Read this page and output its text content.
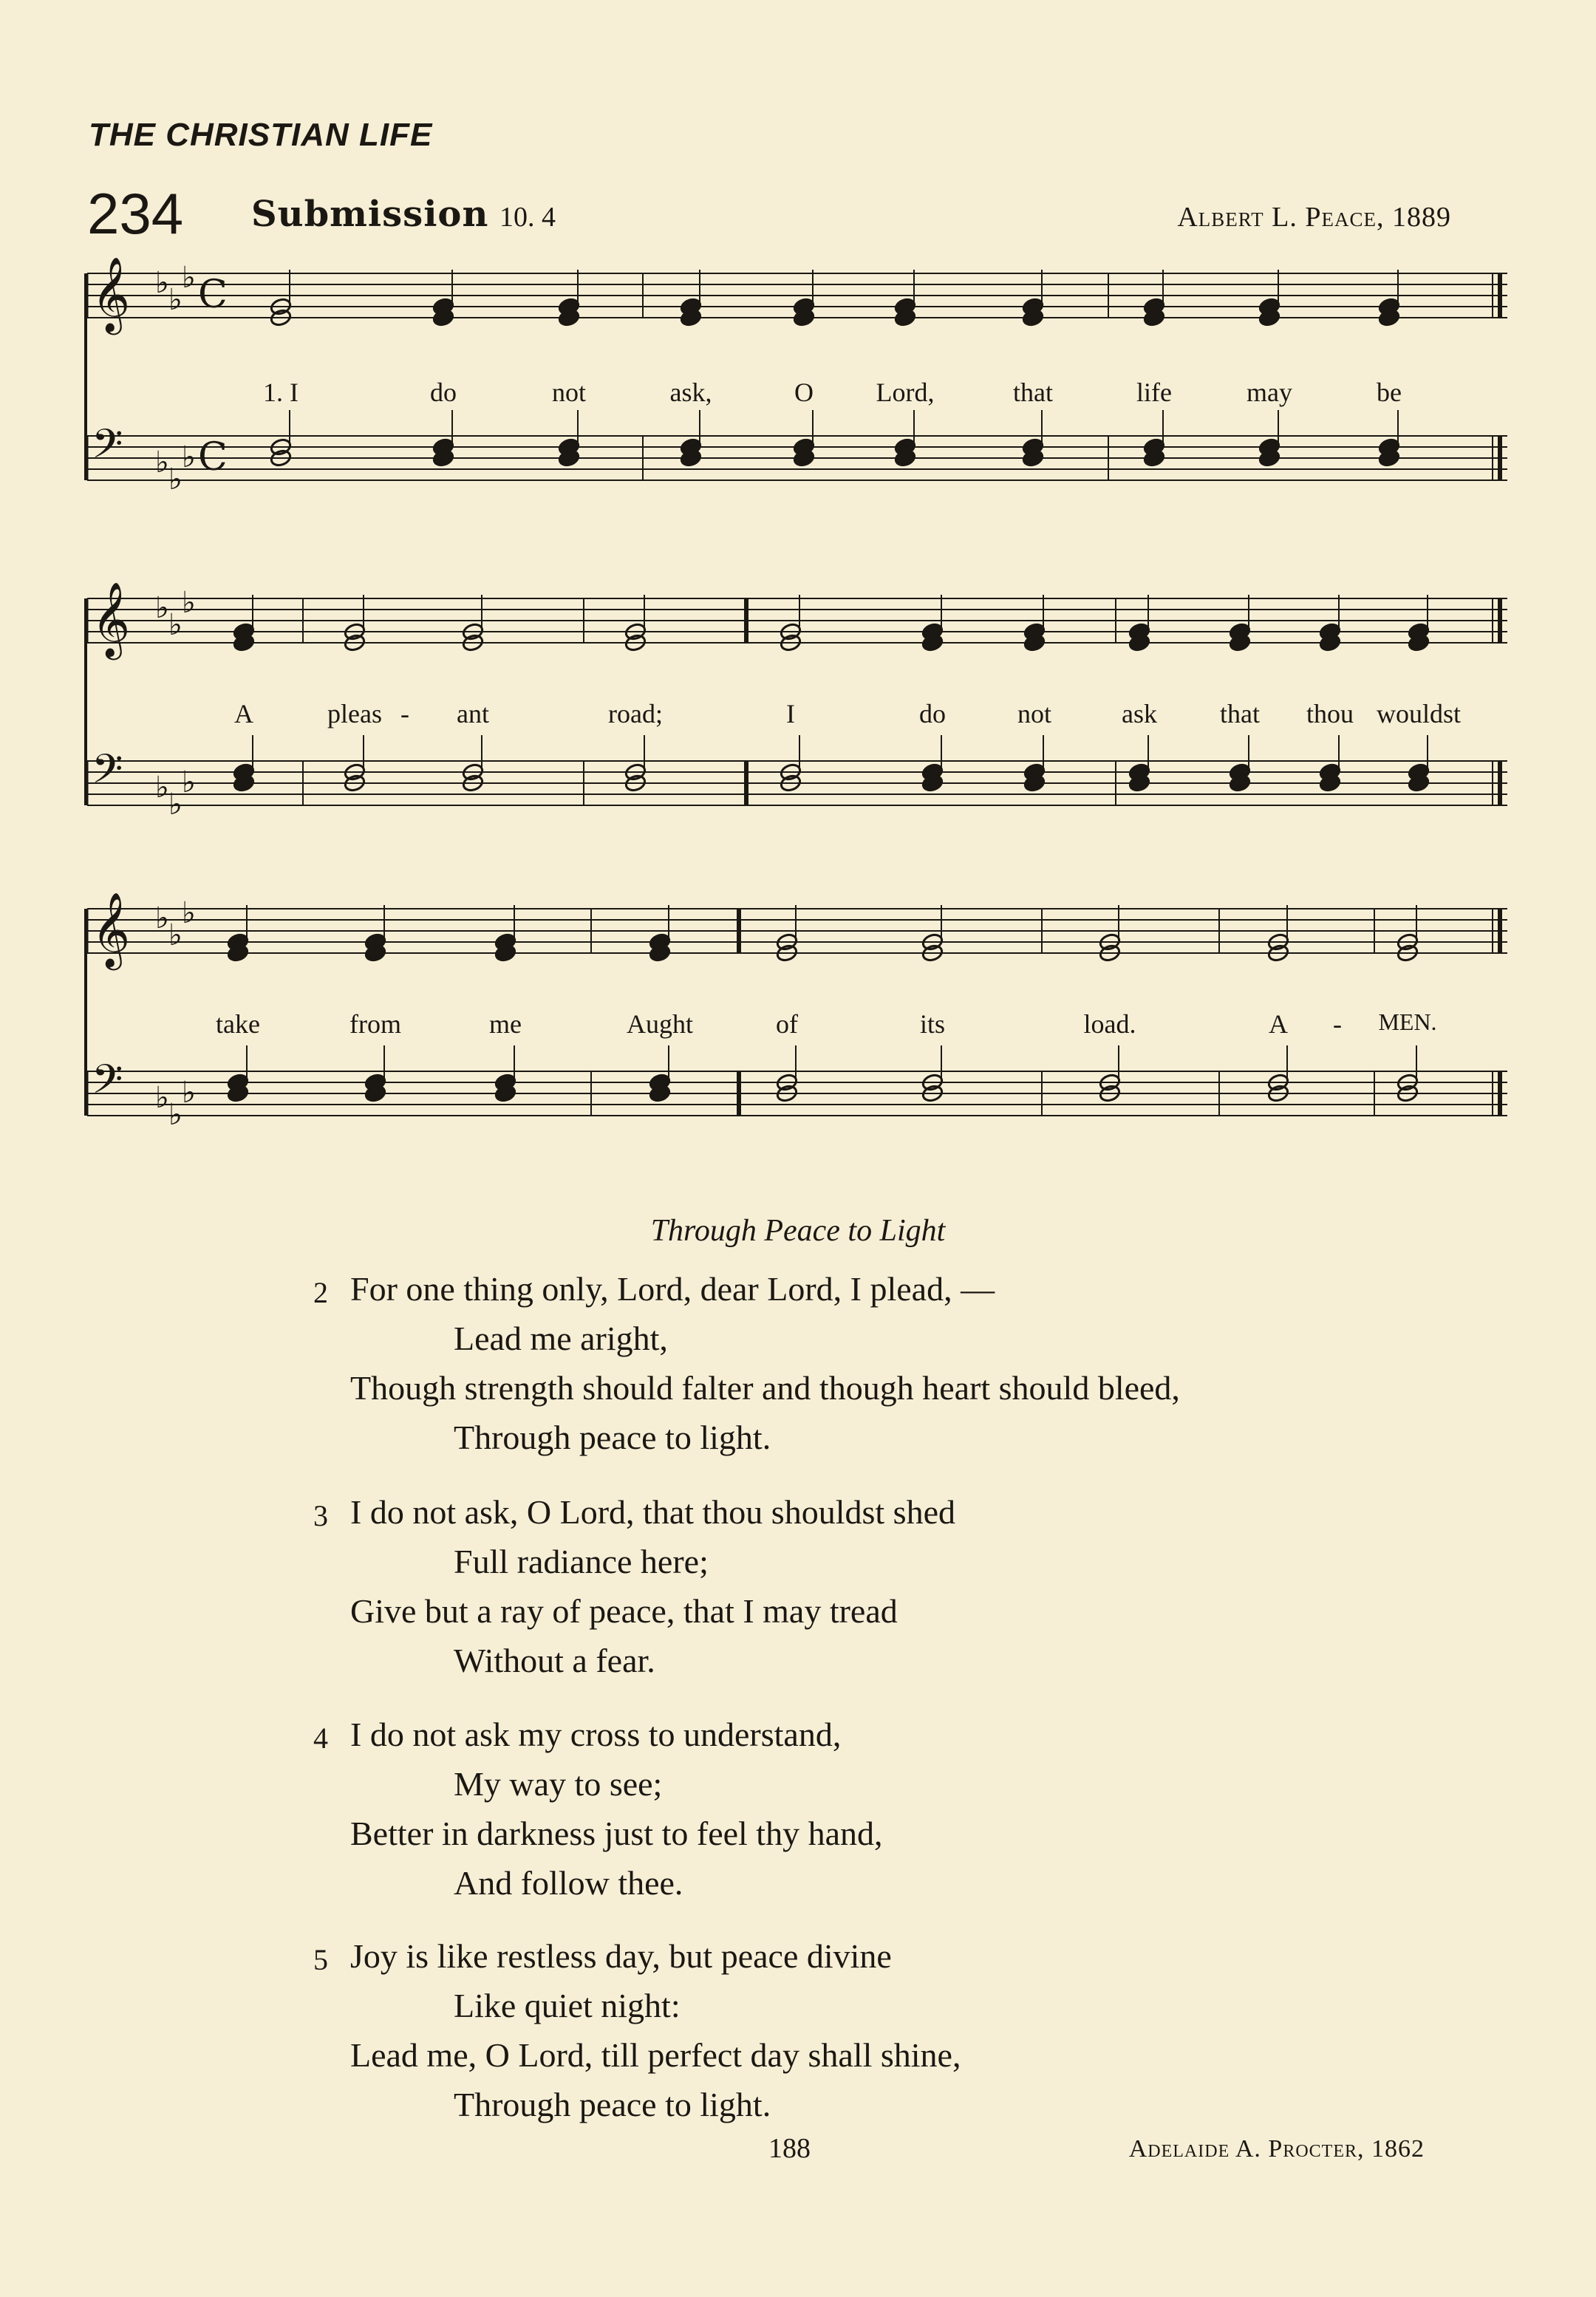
THE CHRISTIAN LIFE
234 Submission 10. 4	Albert L. Peace, 1889
𝄞 ♭ ♭
♭ C
𝄢 ♭ ♭
♭ C
𝄞 ♭ ♭
♭
𝄢 ♭ ♭
♭
𝄞 ♭ ♭
♭
𝄢 ♭ ♭
♭
1. I	do	not	ask,	O Lord,	that	life	may	be
A	pleas - ant	road;	I	do	not	ask that thou wouldst
take	from	me	Aught	of	its	load.	A - MEN.
Through Peace to Light
2 For one thing only, Lord, dear Lord, I plead, —
Lead me aright,
Though strength should falter and though heart should bleed,
Through peace to light.
3 I do not ask, O Lord, that thou shouldst shed
Full radiance here;
Give but a ray of peace, that I may tread
Without a fear.
4 I do not ask my cross to understand,
My way to see;
Better in darkness just to feel thy hand,
And follow thee.
5 Joy is like restless day, but peace divine
Like quiet night:
Lead me, O Lord, till perfect day shall shine,
Through peace to light.
188	Adelaide A. Procter, 1862
